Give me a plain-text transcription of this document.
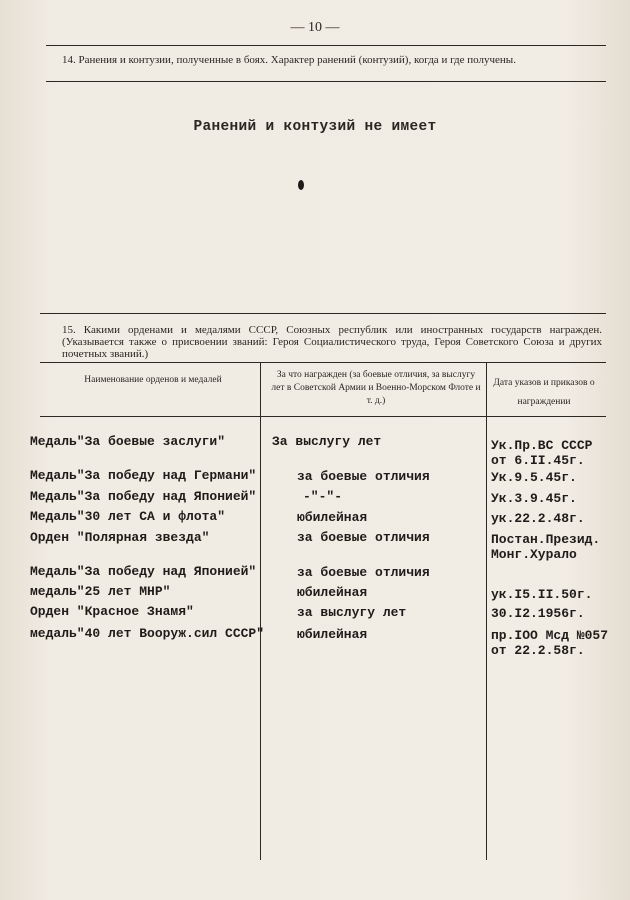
— 10 —
14. Ранения и контузии, полученные в боях. Характер ранений (контузий), когда и где получены.
Ранений и контузий не имеет
15. Какими орденами и медалями СССР, Союзных республик или иностранных государств награжден. (Указывается также о присвоении званий: Героя Социалистического труда, Героя Советского Союза и других почетных званий.)
Наименование орденов и медалей	За что награжден (за боевые отличия, за выслугу лет в Советской Армии и Военно-Морском Флоте и т. д.)
Дата указов и приказов о награждении
Медаль"За боевые заслуги"	За выслугу лет	Ук.Пр.ВС СССР
от 6.II.45г.
Медаль"За победу над Германи"	за боевые отличия	Ук.9.5.45г.
Медаль"За победу над Японией"	-"-"-	Ук.3.9.45г.
Медаль"30 лет СА и флота"	юбилейная	ук.22.2.48г.
Орден "Полярная звезда"	за боевые отличия	Постан.Презид.
Монг.Хурало
Медаль"За победу над Японией"	за боевые отличия
медаль"25 лет МНР"	юбилейная	ук.I5.II.50г.
Орден "Красное Знамя"	за выслугу лет	30.I2.1956г.
медаль"40 лет Вооруж.сил СССР"	юбилейная	пр.IOO Мсд №057
от 22.2.58г.
